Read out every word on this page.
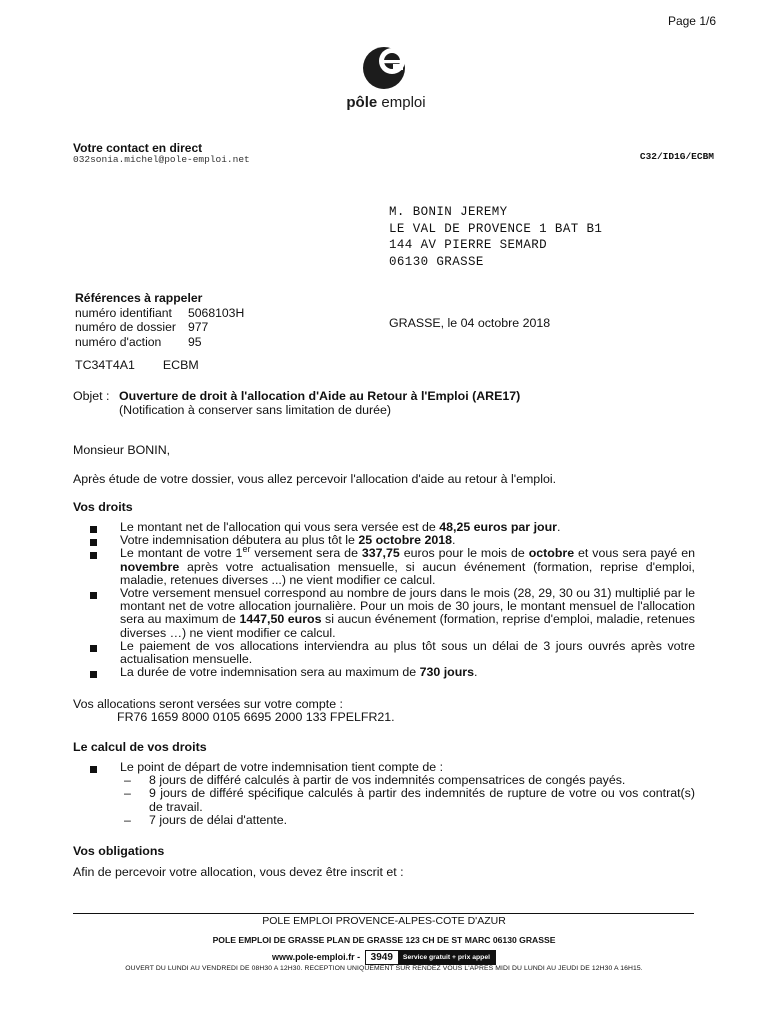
Page 1/6
pôle emploi
Votre contact en direct
032sonia.michel@pole-emploi.net	C32/ID1G/ECBM
M. BONIN JEREMY
LE VAL DE PROVENCE 1 BAT B1
144 AV PIERRE SEMARD
06130 GRASSE
Références à rappeler
numéro identifiant	5068103H
numéro de dossier 977
numéro d'action	95
GRASSE, le 04 octobre 2018
TC34T4A1 ECBM
Objet : Ouverture de droit à l'allocation d'Aide au Retour à l'Emploi (ARE17)
(Notification à conserver sans limitation de durée)
Monsieur BONIN,
Après étude de votre dossier, vous allez percevoir l'allocation d'aide au retour à l'emploi.
Vos droits
Le montant net de l'allocation qui vous sera versée est de 48,25 euros par jour.
Votre indemnisation débutera au plus tôt le 25 octobre 2018.
Le montant de votre 1er versement sera de 337,75 euros pour le mois de octobre et vous sera payé en novembre après votre actualisation mensuelle, si aucun événement (formation, reprise d'emploi, maladie, retenues diverses ...) ne vient modifier ce calcul.
Votre versement mensuel correspond au nombre de jours dans le mois (28, 29, 30 ou 31) multiplié par le montant net de votre allocation journalière. Pour un mois de 30 jours, le montant mensuel de l'allocation sera au maximum de 1447,50 euros si aucun événement (formation, reprise d'emploi, maladie, retenues diverses …) ne vient modifier ce calcul.
Le paiement de vos allocations interviendra au plus tôt sous un délai de 3 jours ouvrés après votre actualisation mensuelle.
La durée de votre indemnisation sera au maximum de 730 jours.
Vos allocations seront versées sur votre compte :
FR76 1659 8000 0105 6695 2000 133 FPELFR21.
Le calcul de vos droits
Le point de départ de votre indemnisation tient compte de :
– 8 jours de différé calculés à partir de vos indemnités compensatrices de congés payés.
– 9 jours de différé spécifique calculés à partir des indemnités de rupture de votre ou vos contrat(s) de travail.
– 7 jours de délai d'attente.
Vos obligations
Afin de percevoir votre allocation, vous devez être inscrit et :
POLE EMPLOI PROVENCE-ALPES-COTE D'AZUR
POLE EMPLOI DE GRASSE PLAN DE GRASSE 123 CH DE ST MARC 06130 GRASSE
www.pole-emploi.fr -	3949	Service gratuit + prix appel
OUVERT DU LUNDI AU VENDREDI DE 08H30 A 12H30. RECEPTION UNIQUEMENT SUR RENDEZ VOUS L'APRES MIDI DU LUNDI AU JEUDI DE 12H30 A 16H15.
